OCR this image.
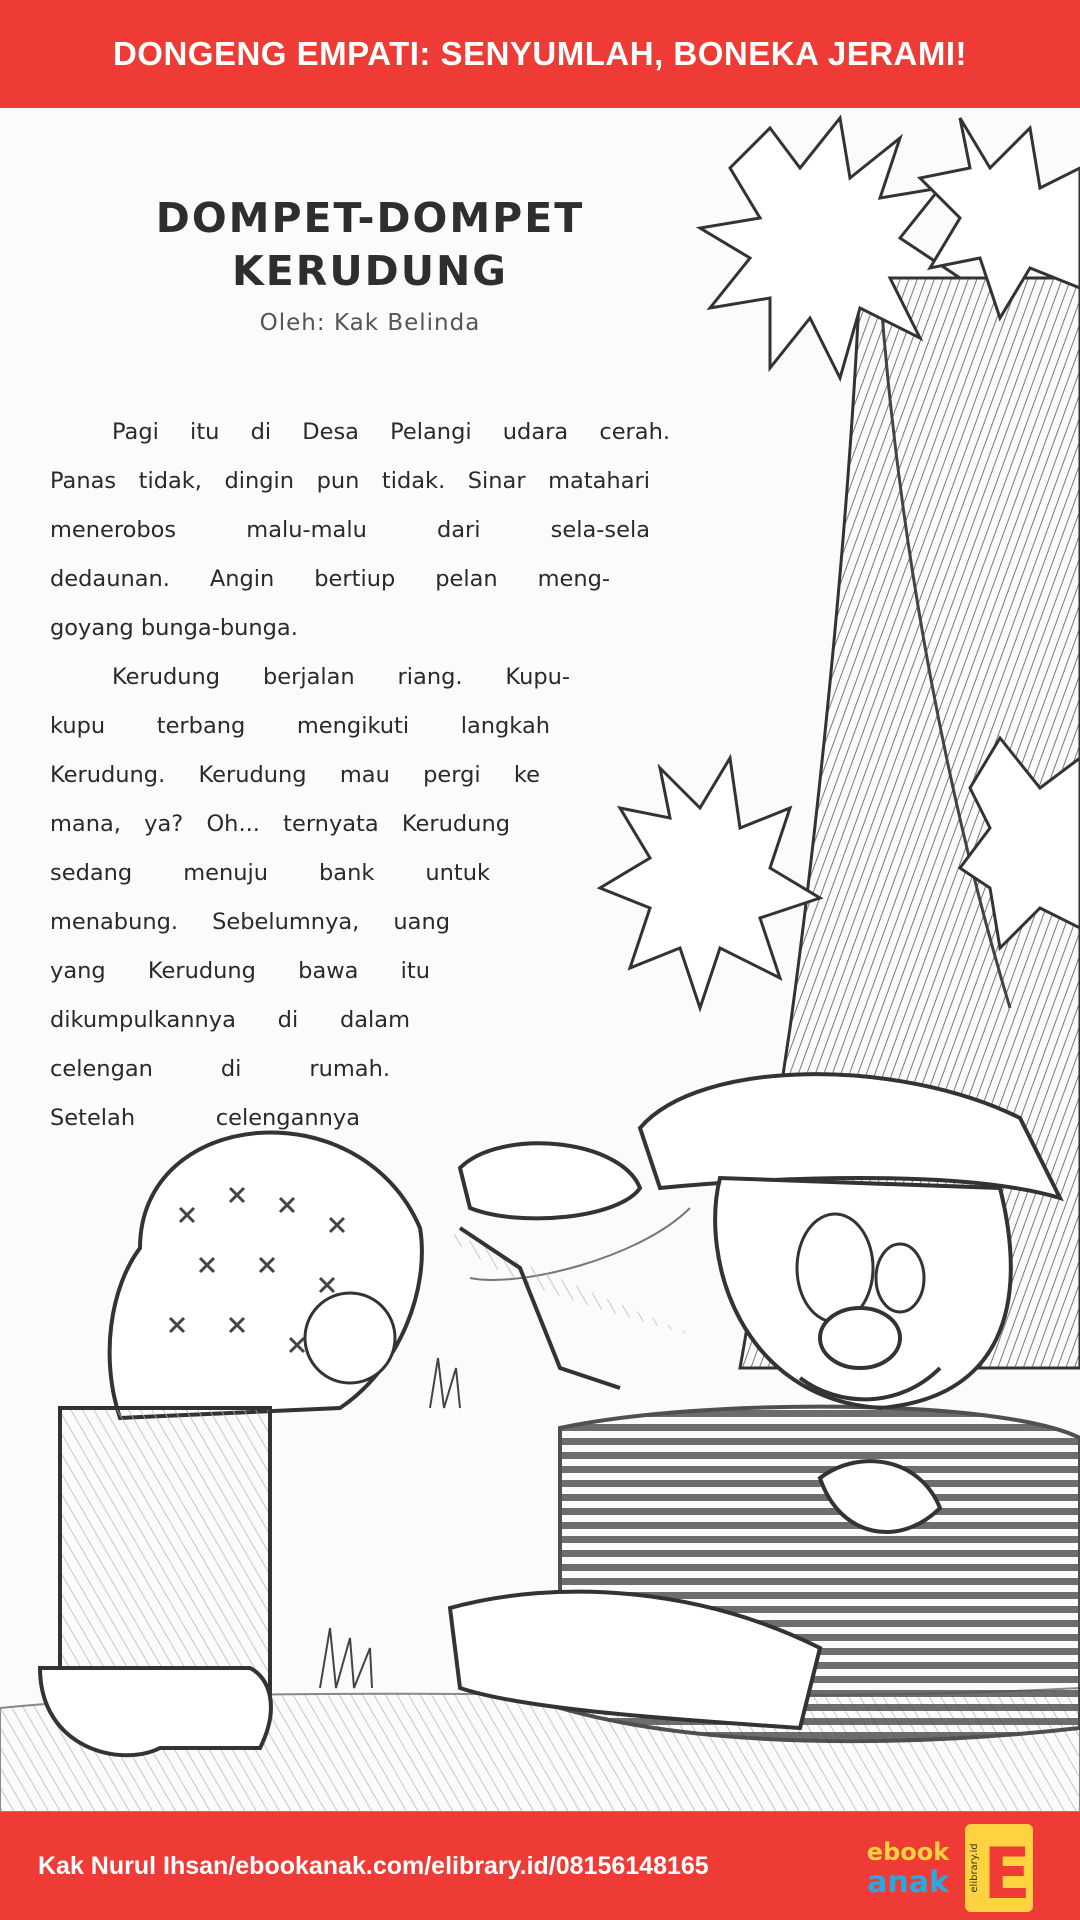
DONGENG EMPATI: SENYUMLAH, BONEKA JERAMI!
DOMPET-DOMPET
KERUDUNG
Oleh: Kak Belinda
Pagi itu di Desa Pelangi udara cerah.
Panas tidak, dingin pun tidak. Sinar matahari
menerobos malu-malu dari sela-sela
dedaunan. Angin bertiup pelan meng-
goyang bunga-bunga.
Kerudung berjalan riang. Kupu-
kupu terbang mengikuti langkah
Kerudung. Kerudung mau pergi ke
mana, ya? Oh... ternyata Kerudung
sedang menuju bank untuk
menabung. Sebelumnya, uang
yang Kerudung bawa itu
dikumpulkannya di dalam
celengan di rumah.
Setelah celengannya
Kak Nurul Ihsan/ebookanak.com/elibrary.id/08156148165	ebook
anak E
elibrary.id
